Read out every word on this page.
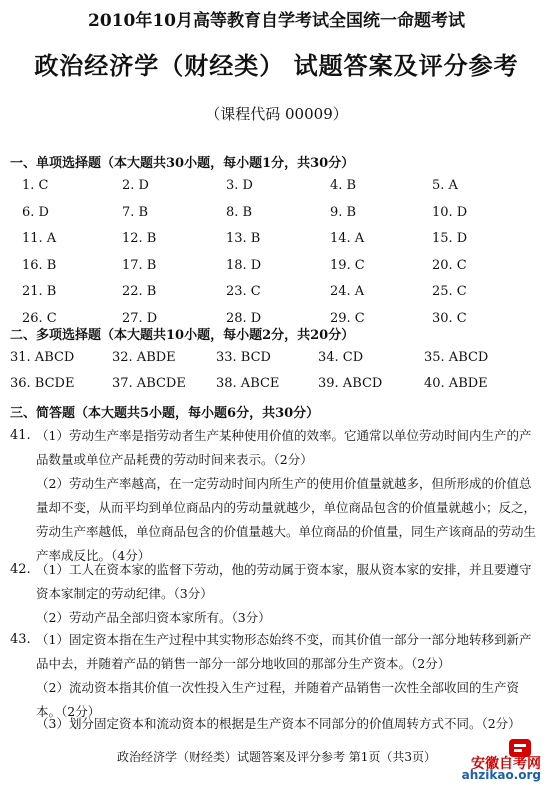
2010年10月高等教育自学考试全国统一命题考试
政治经济学（财经类） 试题答案及评分参考
（课程代码 00009）
一、单项选择题（本大题共30小题，每小题1分，共30分）
1. C	2. D	3. D	4. B	5. A
6. D	7. B	8. B	9. B	10. D
11. A	12. B	13. B	14. A	15. D
16. B	17. B	18. D	19. C	20. C
21. B	22. B	23. C	24. A	25. C
26. C	27. D	28. D	29. C	30. C
二、多项选择题（本大题共10小题，每小题2分，共20分）
31. ABCD	32. ABDE	33. BCD	34. CD	35. ABCD
36. BCDE	37. ABCDE 38. ABCE	39. ABCD	40. ABDE
三、简答题（本大题共5小题，每小题6分，共30分）
41. （1）劳动生产率是指劳动者生产某种使用价值的效率。它通常以单位劳动时间内生产的产品数量或单位产品耗费的劳动时间来表示。（2分）
（2）劳动生产率越高，在一定劳动时间内所生产的使用价值量就越多，但所形成的价值总量却不变，从而平均到单位商品内的劳动量就越少，单位商品包含的价值量就越小；反之，劳动生产率越低，单位商品包含的价值量越大。单位商品的价值量，同生产该商品的劳动生产率成反比。（4分）
42. （1）工人在资本家的监督下劳动，他的劳动属于资本家，服从资本家的安排，并且要遵守资本家制定的劳动纪律。（3分）
（2）劳动产品全部归资本家所有。（3分）
43. （1）固定资本指在生产过程中其实物形态始终不变，而其价值一部分一部分地转移到新产品中去，并随着产品的销售一部分一部分地收回的那部分生产资本。（2分）
（2）流动资本指其价值一次性投入生产过程，并随着产品销售一次性全部收回的生产资本。（2分）
（3）划分固定资本和流动资本的根据是生产资本不同部分的价值周转方式不同。（2分）
政治经济学（财经类）试题答案及评分参考 第1页（共3页）	安徽自考网
ahzikao.org
